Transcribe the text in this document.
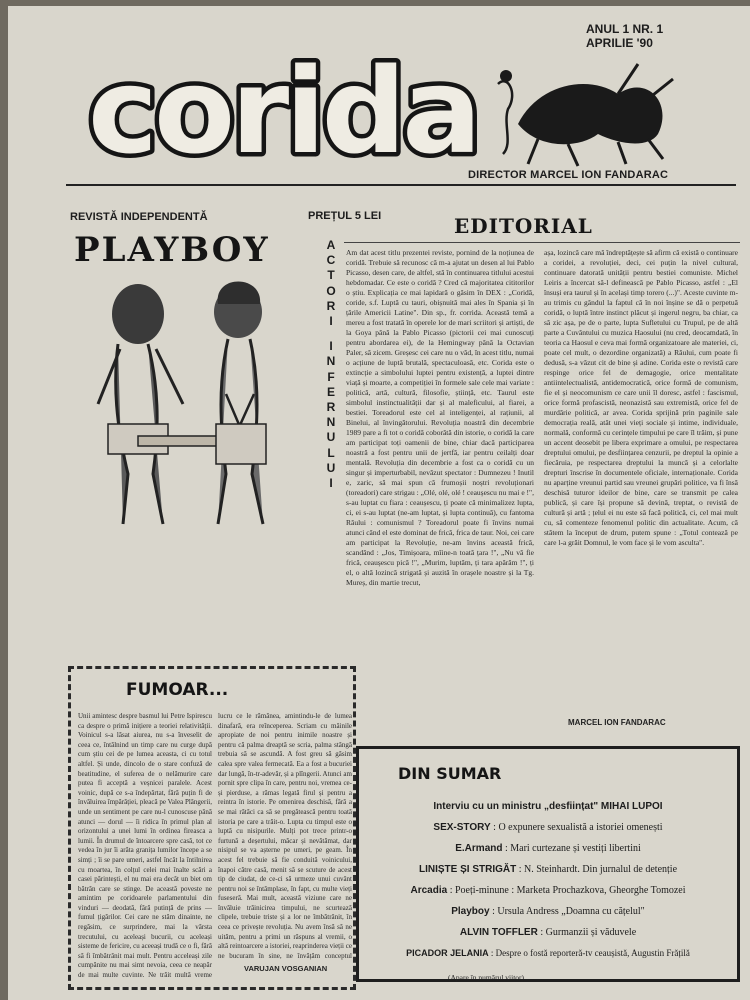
ANUL 1 NR. 1
APRILIE '90
corida
DIRECTOR MARCEL ION FANDARAC
REVISTĂ INDEPENDENTĂ	PREȚUL 5 LEI
PLAYBOY	A
C
T
O
R
I
I
N
F
E
R
N
U
L
U
I
EDITORIAL
Am dat acest titlu prezentei reviste, pornind de la noțiunea de coridă. Trebuie să recunosc că m-a ajutat un desen al lui Pablo Picasso, desen care, de altfel, stă în continuarea titlului acestui hebdomadar. Ce este o coridă ? Cred că majoritatea cititorilor o știu. Explicația ce mai lapidară o găsim în DEX : „Coridă, coride, s.f. Luptă cu tauri, obișnuită mai ales în Spania și în țările Americii Latine". Din sp., fr. corrida. Această temă a mereu a fost tratată în operele lor de mari scriitori și artiști, de la Goya până la Pablo Picasso (pictorii cei mai cunoscuți pentru abordarea ei), de la Hemingway până la Octavian Paler, să zicem. Greșesc cei care nu o văd, în acest titlu, numai o acțiune de luptă brutală, spectaculoasă, etc. Corida este o extincție a simbolului luptei pentru existență, a luptei dintre viață și moarte, a competiției în formele sale cele mai variate : politică, artă, cultură, filosofie, știință, etc. Taurul este simbolul instinctualității dar și al maleficului, al fiarei, a bestiei. Toreadorul este cel al inteligenței, al rațiunii, al Binelui, al învingătorului. Revoluția noastră din decembrie 1989 pare a fi tot o coridă coborâtă din istorie, o coridă la care am participat toți oamenii de bine, chiar dacă participarea noastră a fost pentru unii de jertfă, iar pentru ceilalți doar mentală. Revoluția din decembrie a fost ca o coridă cu un singur și imperturbabil, nevăzut spectator : Dumnezeu ! Inutil e, zaric, să mai spun că frumoșii noștri revoluționari (toreadori) care strigau : „Olé, olé, olé ! ceaușescu nu mai e !", s-au luptat cu fiara : ceaușescu, ți poate că minimalizez lupta, ci, ei s-au luptat (ne-am luptat, și lupta continuă), cu fantoma Răului : comunismul ? Toreadorul poate fi învins numai atunci când el este dominat de frică, frica de taur. Noi, cei care am participat la Revoluție, ne-am învins această frică, scandând : „Jos, Timișoara, mîine-n toată țara !", „Nu vă fie frică, ceaușescu pică !", „Murim, luptăm, ți tara apărăm !", ți el, o altă lozincă strigată și auzită în orașele noastre și la Tg. Mureș, din martie trecut,
așa, lozincă care mă îndreptățește să afirm că există o continuare a coridei, a revoluției, deci, cei puțin la nivel cultural, continuare datorată unității pentru bestiei comuniste. Michel Leiris a încercat să-l definească pe Pablo Picasso, astfel : „El însuși era taurul și în același timp torero (...)". Aceste cuvinte m-au trimis cu gândul la faptul că în noi înșine se dă o perpetuă coridă, o luptă între instinct plăcut și ingerul negru, ba chiar, ca să zic așa, pe de o parte, lupta Sufletului cu Trupul, pe de altă parte a Cuvântului cu muzica Haosului (nu cred, deocamdată, în teoria ca Haosul e ceva mai formă organizatoare ale materiei, ci, poate cel mult, o dezordine organizată) a Răului, cum poate fi dedusă, s-a văzut cit de bine și adine. Corida este o revistă care respinge orice fel de demagogie, orice mentalitate antiintelectualistă, antidemocratică, orice formă de comunism, fie el și neocomunism ce care unii îl doresc, astfel : fascismul, orice formă profascistă, neonazistă sau extremistă, orice fel de murdărie politică, ar avea. Corida sprijină prin paginile sale democrația reală, atât unei vieți sociale și intime, individuale, normală, conformă cu cerințele timpului pe care îl trăim, și pune un accent deosebit pe libera exprimare a omului, pe respectarea dreptului omului, pe desființarea cenzurii, pe dreptul la opinie a fiecăruia, pe respectarea dreptului la muncă și a celorlalte drepturi înscrise în documentele oficiale, internaționale. Corida nu aparține vreunui partid sau vreunei grupări politice, va fi însă deschisă tuturor ideilor de bine, care se transmit pe calea publică, și care își propune să devină, treptat, o revistă de cultură și artă ; țelul ei nu este să facă politică, ci, cel mai mult cu, să comenteze fenomenul politic din actualitate. Acum, că stătem la început de drum, putem spune : „Totul contează pe care l-a grăit Domnul, le vom face și le vom asculta".
MARCEL ION FANDARAC
FUMOAR...
Unii amintesc despre basmul lui Petre Ispirescu ca despre o primă inițiere a teoriei relativității. Voinicul s-a lăsat aiurea, nu s-a înveselit de ceea ce, întâlnind un timp care nu curge după cum știu cei de pe lumea aceasta, ci cu totul altfel. Și unde, dincolo de o stare confuză de beatitudine, el suferea de o nelămurire care putea fi acceptă a veșnicei paralele. Acest voinic, după ce s-a îndepărtat, fără puțin fi de învăluirea împărăției, pleacă pe Valea Plângerii, unde un sentiment pe care nu-l cunoscuse până atunci — dorul — îi ridica în primul plan al orizontului a unei lumi în ordinea fireasca a lumii. În drumul de întoarcere spre casă, tot ce vedea în jur îi arăta granița lumilor începe a se simți ; îi se pare umeri, astfel încât la întilnirea cu moartea, în colțul celei mai înalte scări a casei părintești, el nu mai era decât un biet om bătrân care se stinge. De această poveste ne amintim pe coridoarele parlamentului din vinduri — deodată, fără putință de prins — fumul țigărilor. Cei care ne stăm dinainte, ne regăsim, ce surprindere, mai la vârsta trecutului, cu aceleași bucurii, cu aceleași sisteme de fericire, cu aceeași trudă ce o fi, fără să fi îmbătrânit mai mult. Pentru acceleași zile cumpănite nu mai simt nevoia, ceea ce neapăr de mai multe cuvinte. Ne trăit multă vreme
lucru ce le rămânea, amintindu-le de lumea dinafară, era reînceperea. Scriam cu mâinile apropiate de noi pentru inimile noastre și pentru că palma dreaptă se scria, palma stângă trebuia să se ascundă. A fost greu să găsim calea spre valea fermecată. Ea a fost a bucuriei dar lungă, în-tr-adevăr, și a plîngerii. Atunci am pornit spre clipa în care, pentru noi, vremea ce-și pierduse, a rămas legată firul și pentru a reintra în istorie. Pe omenirea deschisă, fără a se mai rătăci ca să se pregătească pentru toată istoria pe care a trăit-o. Lupta cu timpul este o luptă cu nisipurile. Mulți pot trece printr-o furtună a deșertului, măcar și nevătămat, dar nisipul se va așterne pe umeri, pe geam. În acest fel trebuie să fie conduită voinicului, înapoi către casă, menit să se scuture de acest tip de ciudat, de ce-ci să urmeze unui cuvânt pentru noi se întâmplase, în fapt, cu multe vieți fuseseră. Mai mult, această viziune care ne învăluie trăinicirea timpului, ne scurtează clipele, trebuie triste și a lor ne îmbătrânit, în ceea ce privește revoluția. Nu avem însă să ne uităm, pentru a primi un răspuns al vremii, o altă reintoarcere a istoriei, reaprinderea vieții ce ne bucuram în sine, ne învățăm conceptul
VARUJAN VOSGANIAN
DIN SUMAR
Interviu cu un ministru „desființat" MIHAI LUPOI
SEX-STORY : O expunere sexualistă a istoriei omenești
E.Armand : Mari curtezane și vestiți libertini
LINIȘTE ȘI STRIGĂT : N. Steinhardt. Din jurnalul de detenție
Arcadia : Poeți-minune : Marketa Prochazkova, Gheorghe Tomozei
Playboy : Ursula Andress „Doamna cu cățelul"
ALVIN TOFFLER : Gurmanzii și văduvele
PICADOR JELANIA : Despre o fostă reporteră-tv ceaușistă, Augustin Frățilă
(Apare în numărul viitor)
